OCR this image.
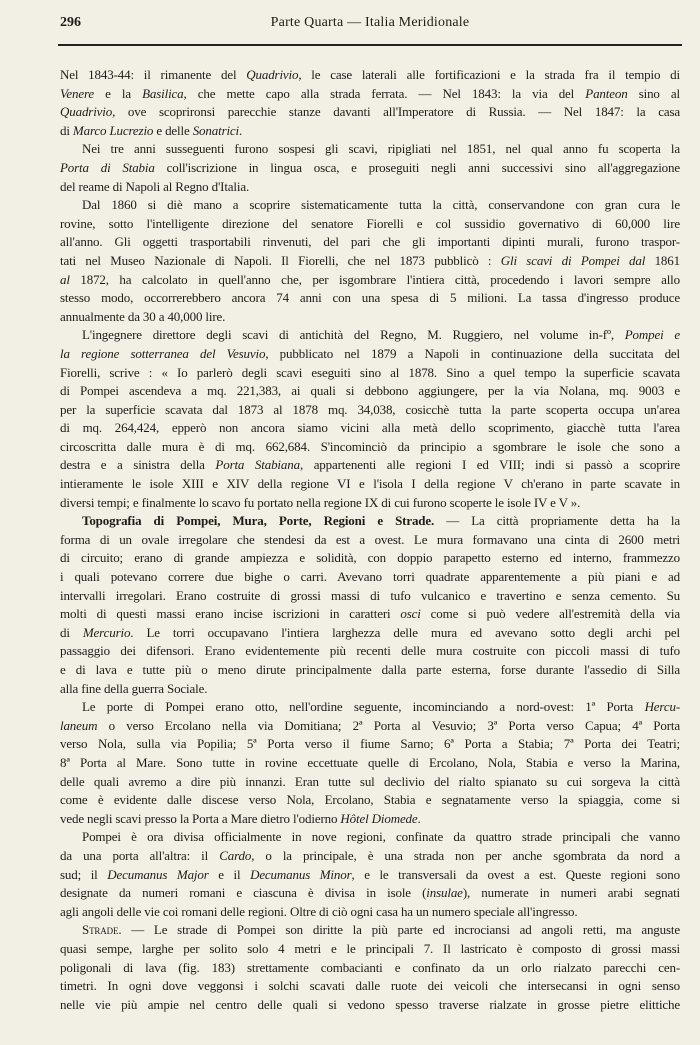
296	Parte Quarta — Italia Meridionale
Nel 1843-44: il rimanente del Quadrivio, le case laterali alle fortificazioni e la strada fra il tempio di
Venere e la Basilica, che mette capo alla strada ferrata. — Nel 1843: la via del Panteon sino al
Quadrivio, ove scoprironsi parecchie stanze davanti all'Imperatore di Russia. — Nel 1847: la casa
di Marco Lucrezio e delle Sonatrici.
Nei tre anni susseguenti furono sospesi gli scavi, ripigliati nel 1851, nel qual anno fu scoperta la
Porta di Stabia coll'iscrizione in lingua osca, e proseguiti negli anni successivi sino all'aggregazione
del reame di Napoli al Regno d'Italia.
Dal 1860 si diè mano a scoprire sistematicamente tutta la città, conservandone con gran cura le
rovine, sotto l'intelligente direzione del senatore Fiorelli e col sussidio governativo di 60,000 lire
all'anno. Gli oggetti trasportabili rinvenuti, del pari che gli importanti dipinti murali, furono traspor-
tati nel Museo Nazionale di Napoli. Il Fiorelli, che nel 1873 pubblicò : Gli scavi di Pompei dal 1861
al 1872, ha calcolato in quell'anno che, per isgombrare l'intiera città, procedendo i lavori sempre allo
stesso modo, occorrerebbero ancora 74 anni con una spesa di 5 milioni. La tassa d'ingresso produce
annualmente da 30 a 40,000 lire.
L'ingegnere direttore degli scavi di antichità del Regno, M. Ruggiero, nel volume in-fº, Pompei e
la regione sotterranea del Vesuvio, pubblicato nel 1879 a Napoli in continuazione della succitata del
Fiorelli, scrive : « Io parlerò degli scavi eseguiti sino al 1878. Sino a quel tempo la superficie scavata
di Pompei ascendeva a mq. 221,383, ai quali si debbono aggiungere, per la via Nolana, mq. 9003 e
per la superficie scavata dal 1873 al 1878 mq. 34,038, cosicchè tutta la parte scoperta occupa un'area
di mq. 264,424, epperò non ancora siamo vicini alla metà dello scoprimento, giacchè tutta l'area
circoscritta dalle mura è di mq. 662,684. S'incominciò da principio a sgombrare le isole che sono a
destra e a sinistra della Porta Stabiana, appartenenti alle regioni I ed VIII; indi si passò a scoprire
intieramente le isole XIII e XIV della regione VI e l'isola I della regione V ch'erano in parte scavate in
diversi tempi; e finalmente lo scavo fu portato nella regione IX di cui furono scoperte le isole IV e V ».
Topografia di Pompei, Mura, Porte, Regioni e Strade. — La città propriamente detta ha la
forma di un ovale irregolare che stendesi da est a ovest. Le mura formavano una cinta di 2600 metri
di circuito; erano di grande ampiezza e solidità, con doppio parapetto esterno ed interno, frammezzo
i quali potevano correre due bighe o carri. Avevano torri quadrate apparentemente a più piani e ad
intervalli irregolari. Erano costruite di grossi massi di tufo vulcanico e travertino e senza cemento. Su
molti di questi massi erano incise iscrizioni in caratteri osci come si può vedere all'estremità della via
di Mercurio. Le torri occupavano l'intiera larghezza delle mura ed avevano sotto degli archi pel
passaggio dei difensori. Erano evidentemente più recenti delle mura costruite con piccoli massi di tufo
e di lava e tutte più o meno dirute principalmente dalla parte esterna, forse durante l'assedio di Silla
alla fine della guerra Sociale.
Le porte di Pompei erano otto, nell'ordine seguente, incominciando a nord-ovest: 1ª Porta Hercu-
laneum o verso Ercolano nella via Domitiana; 2ª Porta al Vesuvio; 3ª Porta verso Capua; 4ª Porta
verso Nola, sulla via Popilia; 5ª Porta verso il fiume Sarno; 6ª Porta a Stabia; 7ª Porta dei Teatri;
8ª Porta al Mare. Sono tutte in rovine eccettuate quelle di Ercolano, Nola, Stabia e verso la Marina,
delle quali avremo a dire più innanzi. Eran tutte sul declivio del rialto spianato su cui sorgeva la città
come è evidente dalle discese verso Nola, Ercolano, Stabia e segnatamente verso la spiaggia, come si
vede negli scavi presso la Porta a Mare dietro l'odierno Hôtel Diomede.
Pompei è ora divisa officialmente in nove regioni, confinate da quattro strade principali che vanno
da una porta all'altra: il Cardo, o la principale, è una strada non per anche sgombrata da nord a
sud; il Decumanus Major e il Decumanus Minor, e le transversali da ovest a est. Queste regioni sono
designate da numeri romani e ciascuna è divisa in isole (insulae), numerate in numeri arabi segnati
agli angoli delle vie coi romani delle regioni. Oltre di ciò ogni casa ha un numero speciale all'ingresso.
Strade. — Le strade di Pompei son diritte la più parte ed incrociansi ad angoli retti, ma anguste
quasi sempe, larghe per solito solo 4 metri e le principali 7. Il lastricato è composto di grossi massi
poligonali di lava (fig. 183) strettamente combacianti e confinato da un orlo rialzato parecchi cen-
timetri. In ogni dove veggonsi i solchi scavati dalle ruote dei veicoli che intersecansi in ogni senso
nelle vie più ampie nel centro delle quali si vedono spesso traverse rialzate in grosse pietre elittiche
